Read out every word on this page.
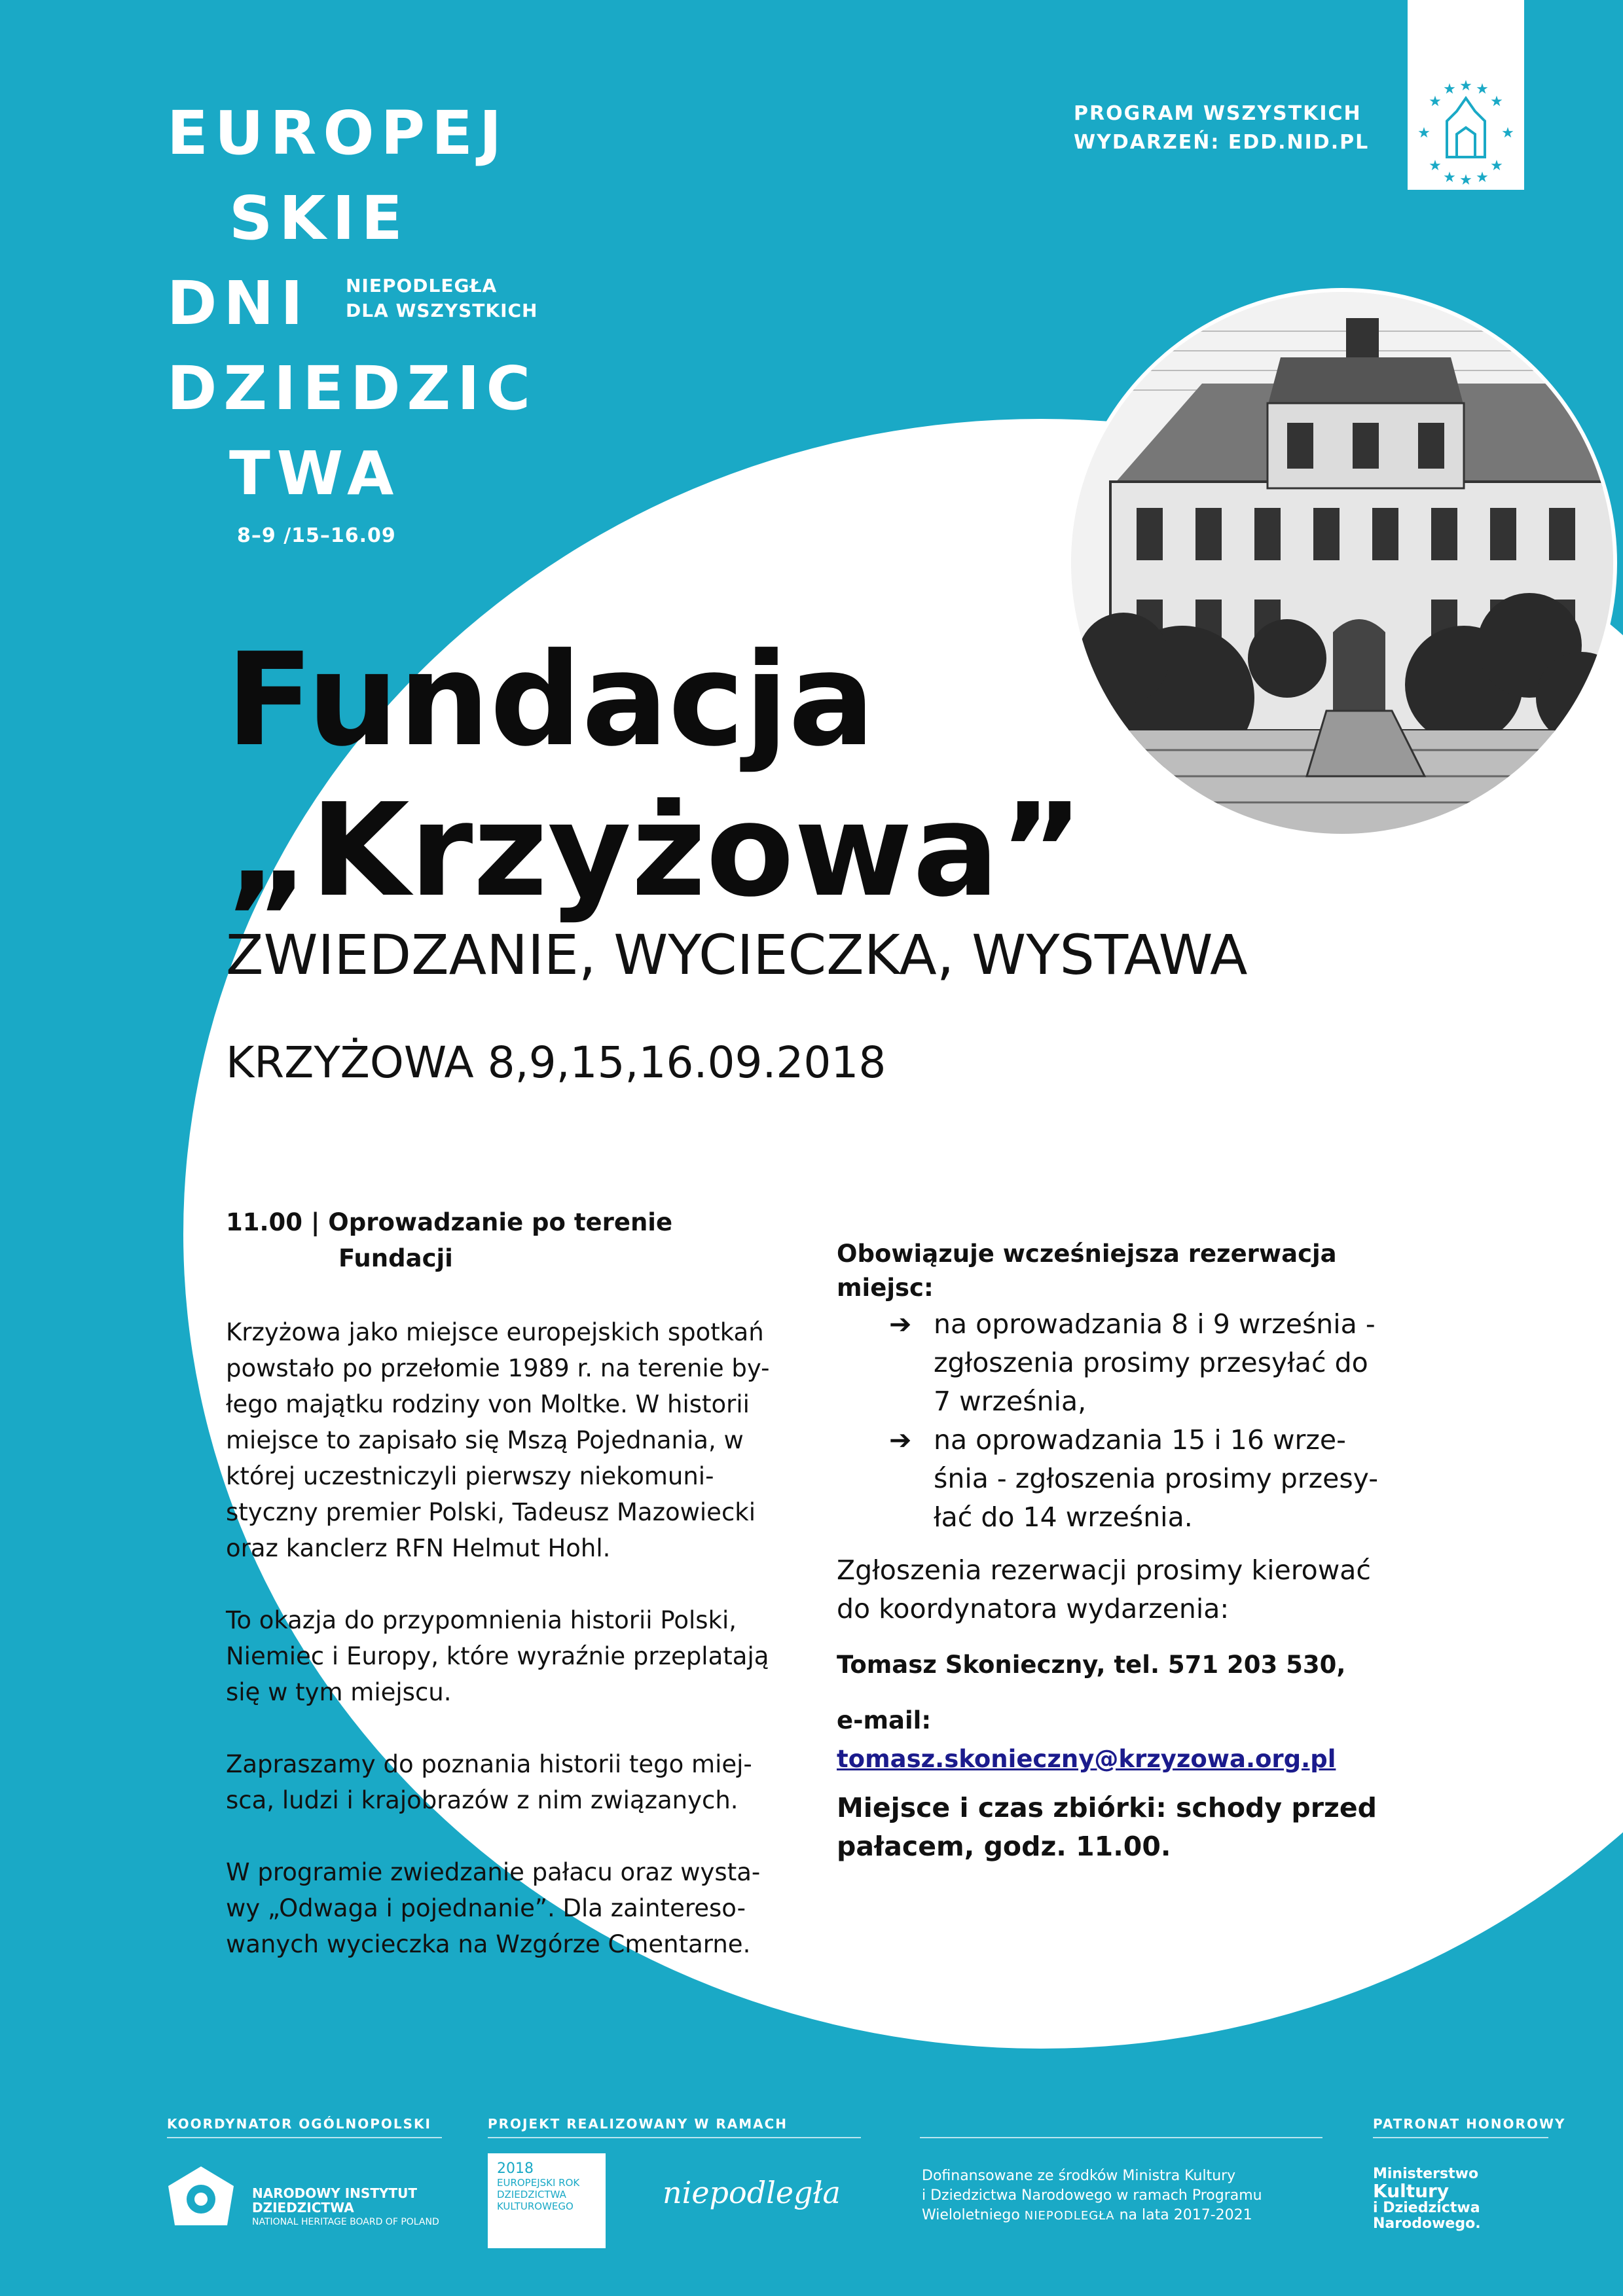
EUROPEJ
SKIE
DNI NIEPODLEGŁA
DLA WSZYSTKICH
DZIEDZIC
TWA
8–9 /15–16.09
PROGRAM WSZYSTKICH
WYDARZEŃ: EDD.NID.PL
★
★
★	★
★	★
★	★
★ ★
★ ★
Fundacja
„Krzyżowa”
ZWIEDZANIE, WYCIECZKA, WYSTAWA
KRZYŻOWA 8,9,15,16.09.2018

11.00 | Oprowadzanie po terenie

Fundacji

Krzyżowa jako miejsce europejskich spotkań

powstało po przełomie 1989 r. na terenie by-

łego majątku rodziny von Moltke. W historii

miejsce to zapisało się Mszą Pojednania, w

której uczestniczyli pierwszy niekomuni-

styczny premier Polski, Tadeusz Mazowiecki

oraz kanclerz RFN Helmut Hohl.

To okazja do przypomnienia historii Polski,

Niemiec i Europy, które wyraźnie przeplatają

się w tym miejscu.

Zapraszamy do poznania historii tego miej-

sca, ludzi i krajobrazów z nim związanych.

W programie zwiedzanie pałacu oraz wysta-

wy „Odwaga i pojednanie”. Dla zaintereso-

wanych wycieczka na Wzgórze Cmentarne.

Obowiązuje wcześniejsza rezerwacja

miejsc:

➔ na oprowadzania 8 i 9 września -

zgłoszenia prosimy przesyłać do

7 września,

➔ na oprowadzania 15 i 16 wrze-

śnia - zgłoszenia prosimy przesy-

łać do 14 września.

Zgłoszenia rezerwacji prosimy kierować

do koordynatora wydarzenia:

Tomasz Skonieczny, tel. 571 203 530,

e-mail:

tomasz.skonieczny@krzyzowa.org.pl

Miejsce i czas zbiórki: schody przed

pałacem, godz. 11.00.

KOORDYNATOR OGÓLNOPOLSKI	PROJEKT REALIZOWANY W RAMACH	PATRONAT HONOROWY
NARODOWY INSTYTUT
DZIEDZICTWA
NATIONAL HERITAGE BOARD OF POLAND
2018
EUROPEJSKI ROK
DZIEDZICTWA
KULTUROWEGO	niepodległa	Dofinansowane ze środków Ministra Kultury
i Dziedzictwa Narodowego w ramach Programu
Wieloletniego NIEPODLEGŁA na lata 2017-2021
Ministerstwo
Kultury
i Dziedzictwa
Narodowego.
